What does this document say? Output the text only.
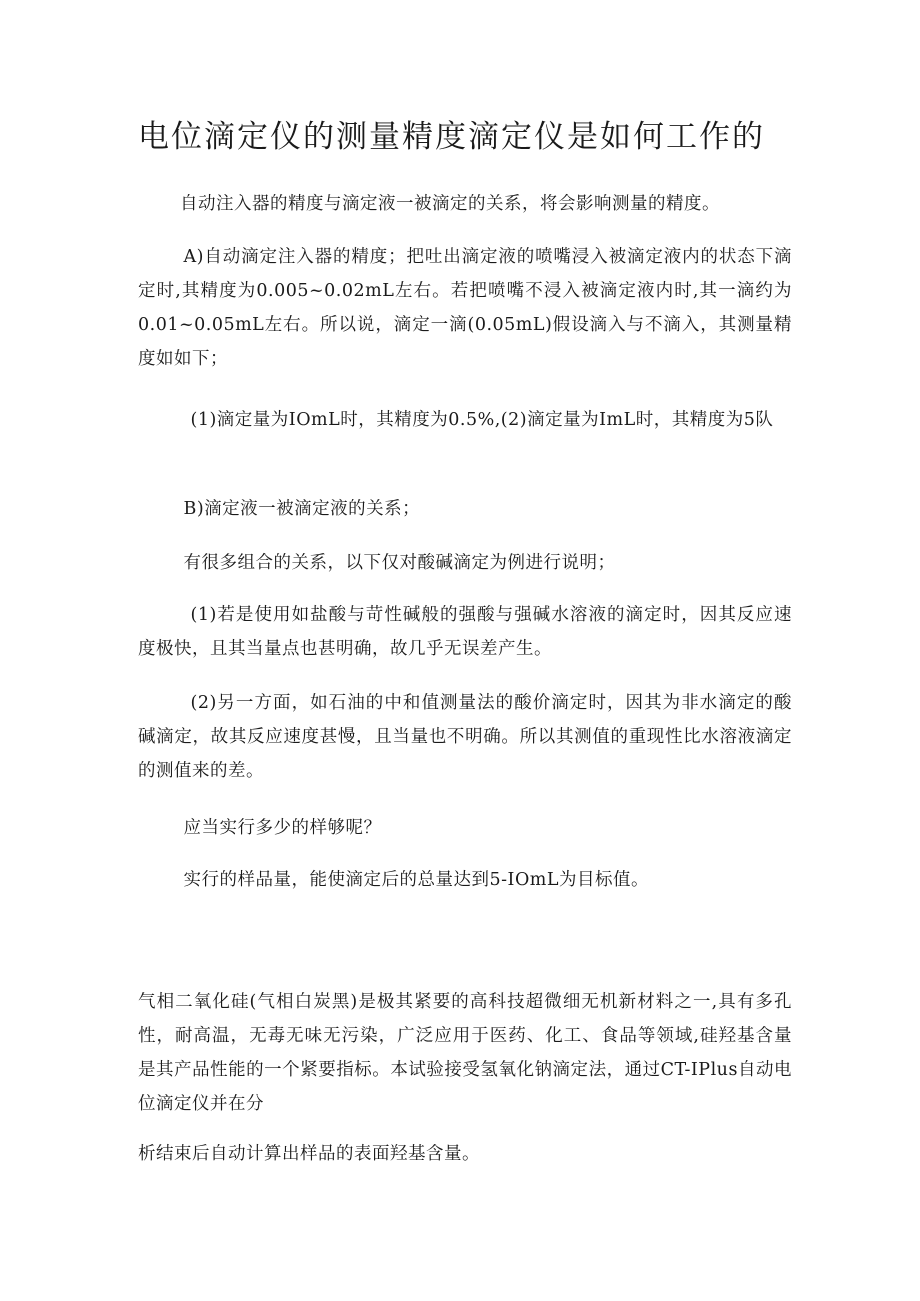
电位滴定仪的测量精度滴定仪是如何工作的

自动注入器的精度与滴定液一被滴定的关系，将会影响测量的精度。

A)自动滴定注入器的精度；把吐出滴定液的喷嘴浸入被滴定液内的状态下滴定时,其精度为0.005~0.02mL左右。若把喷嘴不浸入被滴定液内时,其一滴约为0.01~0.05mL左右。所以说，滴定一滴(0.05mL)假设滴入与不滴入，其测量精度如如下；

(1)滴定量为IOmL时，其精度为0.5%,(2)滴定量为ImL时，其精度为5队

B)滴定液一被滴定液的关系；

有很多组合的关系，以下仅对酸碱滴定为例进行说明；

(1)若是使用如盐酸与苛性碱般的强酸与强碱水溶液的滴定时，因其反应速度极快，且其当量点也甚明确，故几乎无误差产生。

(2)另一方面，如石油的中和值测量法的酸价滴定时，因其为非水滴定的酸碱滴定，故其反应速度甚慢，且当量也不明确。所以其测值的重现性比水溶液滴定的测值来的差。

应当实行多少的样够呢？

实行的样品量，能使滴定后的总量达到5-IOmL为目标值。

气相二氧化硅(气相白炭黑)是极其紧要的高科技超微细无机新材料之一,具有多孔性，耐高温，无毒无味无污染，广泛应用于医药、化工、食品等领域,硅羟基含量是其产品性能的一个紧要指标。本试验接受氢氧化钠滴定法，通过CT-IPlus自动电位滴定仪并在分

析结束后自动计算出样品的表面羟基含量。
